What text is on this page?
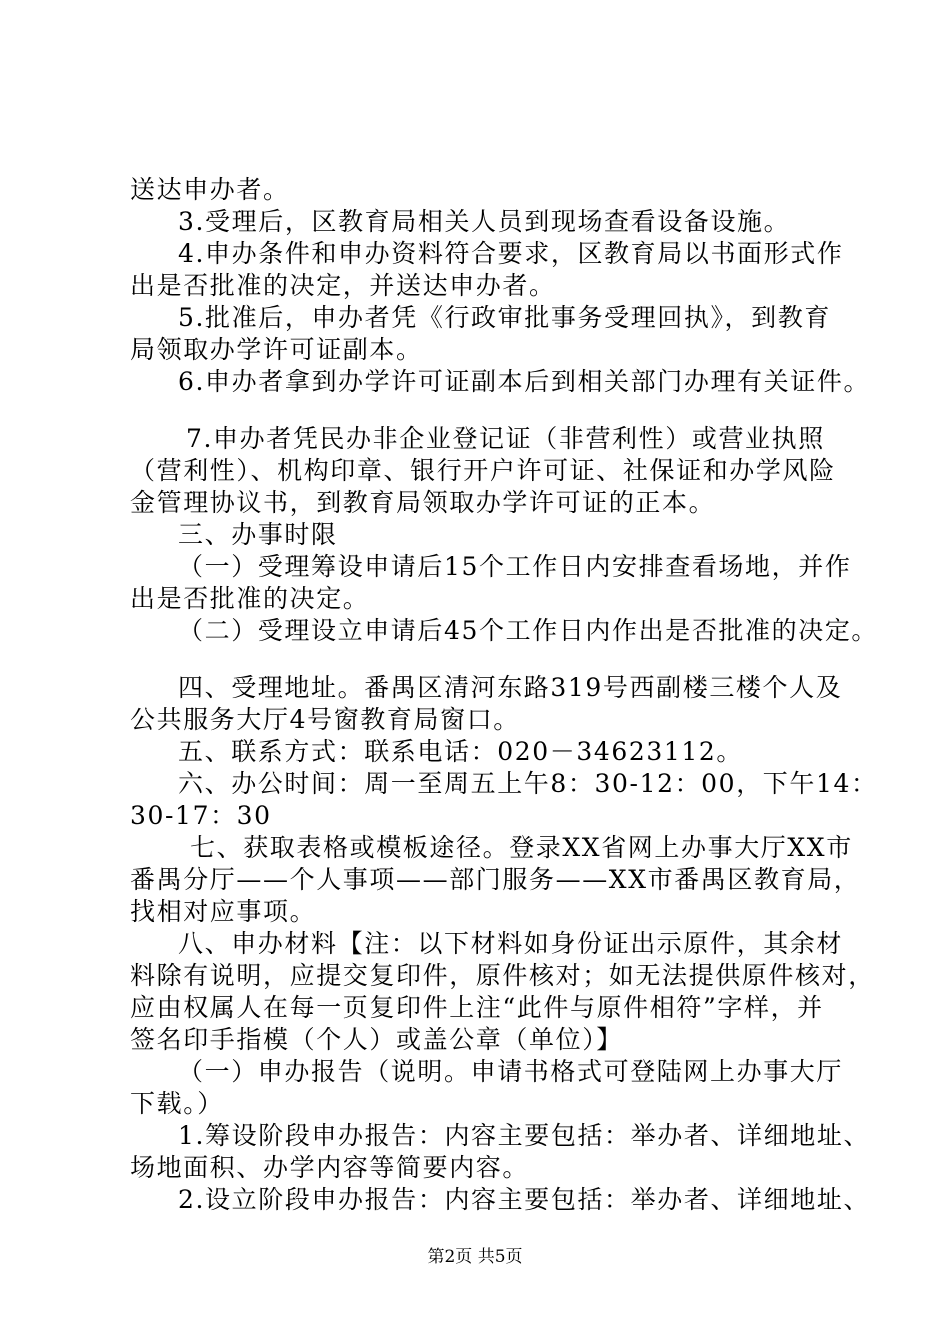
送达申办者。
3.受理后，区教育局相关人员到现场查看设备设施。
4.申办条件和申办资料符合要求，区教育局以书面形式作
出是否批准的决定，并送达申办者。
5.批准后，申办者凭《行政审批事务受理回执》，到教育
局领取办学许可证副本。
6.申办者拿到办学许可证副本后到相关部门办理有关证件。
7.申办者凭民办非企业登记证（非营利性）或营业执照
（营利性）、机构印章、银行开户许可证、社保证和办学风险
金管理协议书，到教育局领取办学许可证的正本。
三、办事时限
（一）受理筹设申请后15个工作日内安排查看场地，并作
出是否批准的决定。
（二）受理设立申请后45个工作日内作出是否批准的决定。
四、受理地址。番禺区清河东路319号西副楼三楼个人及
公共服务大厅4号窗教育局窗口。
五、联系方式：联系电话：020－34623112。
六、办公时间：周一至周五上午8：30-12：00，下午14：
30-17：30
七、获取表格或模板途径。登录XX省网上办事大厅XX市
番禺分厅——个人事项——部门服务——XX市番禺区教育局，
找相对应事项。
八、申办材料【注：以下材料如身份证出示原件，其余材
料除有说明，应提交复印件，原件核对；如无法提供原件核对，
应由权属人在每一页复印件上注“此件与原件相符”字样，并
签名印手指模（个人）或盖公章（单位）】
（一）申办报告（说明。申请书格式可登陆网上办事大厅
下载。）
1.筹设阶段申办报告：内容主要包括：举办者、详细地址、
场地面积、办学内容等简要内容。
2.设立阶段申办报告：内容主要包括：举办者、详细地址、
第2页 共5页
